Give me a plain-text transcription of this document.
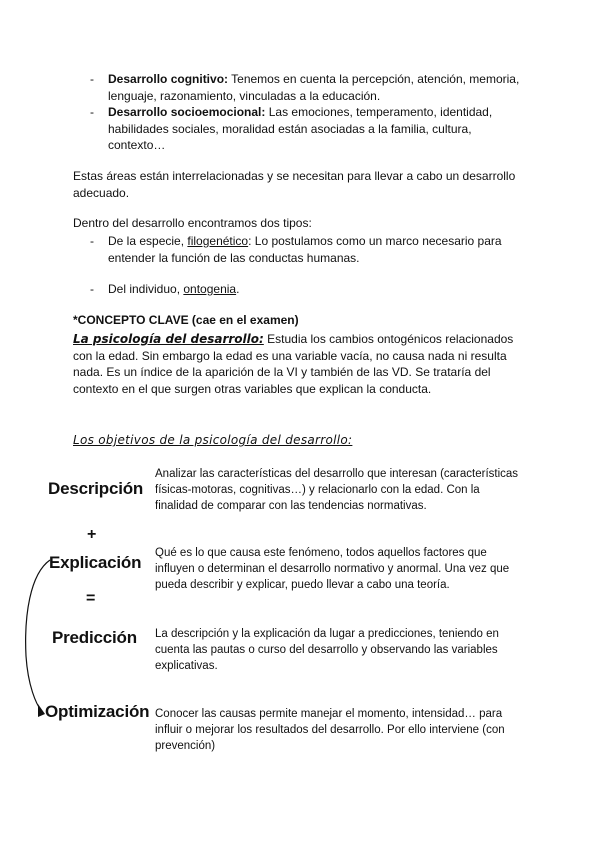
- Desarrollo cognitivo: Tenemos en cuenta la percepción, atención, memoria, lenguaje, razonamiento, vinculadas a la educación.
- Desarrollo socioemocional: Las emociones, temperamento, identidad, habilidades sociales, moralidad están asociadas a la familia, cultura, contexto…
Estas áreas están interrelacionadas y se necesitan para llevar a cabo un desarrollo adecuado.
Dentro del desarrollo encontramos dos tipos:
- De la especie, filogenético: Lo postulamos como un marco necesario para entender la función de las conductas humanas.
- Del individuo, ontogenia.
*CONCEPTO CLAVE (cae en el examen)
La psicología del desarrollo: Estudia los cambios ontogénicos relacionados con la edad. Sin embargo la edad es una variable vacía, no causa nada ni resulta nada. Es un índice de la aparición de la VI y también de las VD. Se trataría del contexto en el que surgen otras variables que explican la conducta.
Los objetivos de la psicología del desarrollo:
Descripción
Analizar las características del desarrollo que interesan (características físicas-motoras, cognitivas…) y relacionarlo con la edad. Con la finalidad de comparar con las tendencias normativas.
+
Explicación Qué es lo que causa este fenómeno, todos aquellos factores que influyen o determinan el desarrollo normativo y anormal. Una vez que pueda describir y explicar, puedo llevar a cabo una teoría.
=
Predicción La descripción y la explicación da lugar a predicciones, teniendo en cuenta las pautas o curso del desarrollo y observando las variables explicativas.
Optimización Conocer las causas permite manejar el momento, intensidad… para influir o mejorar los resultados del desarrollo. Por ello interviene (con prevención)
